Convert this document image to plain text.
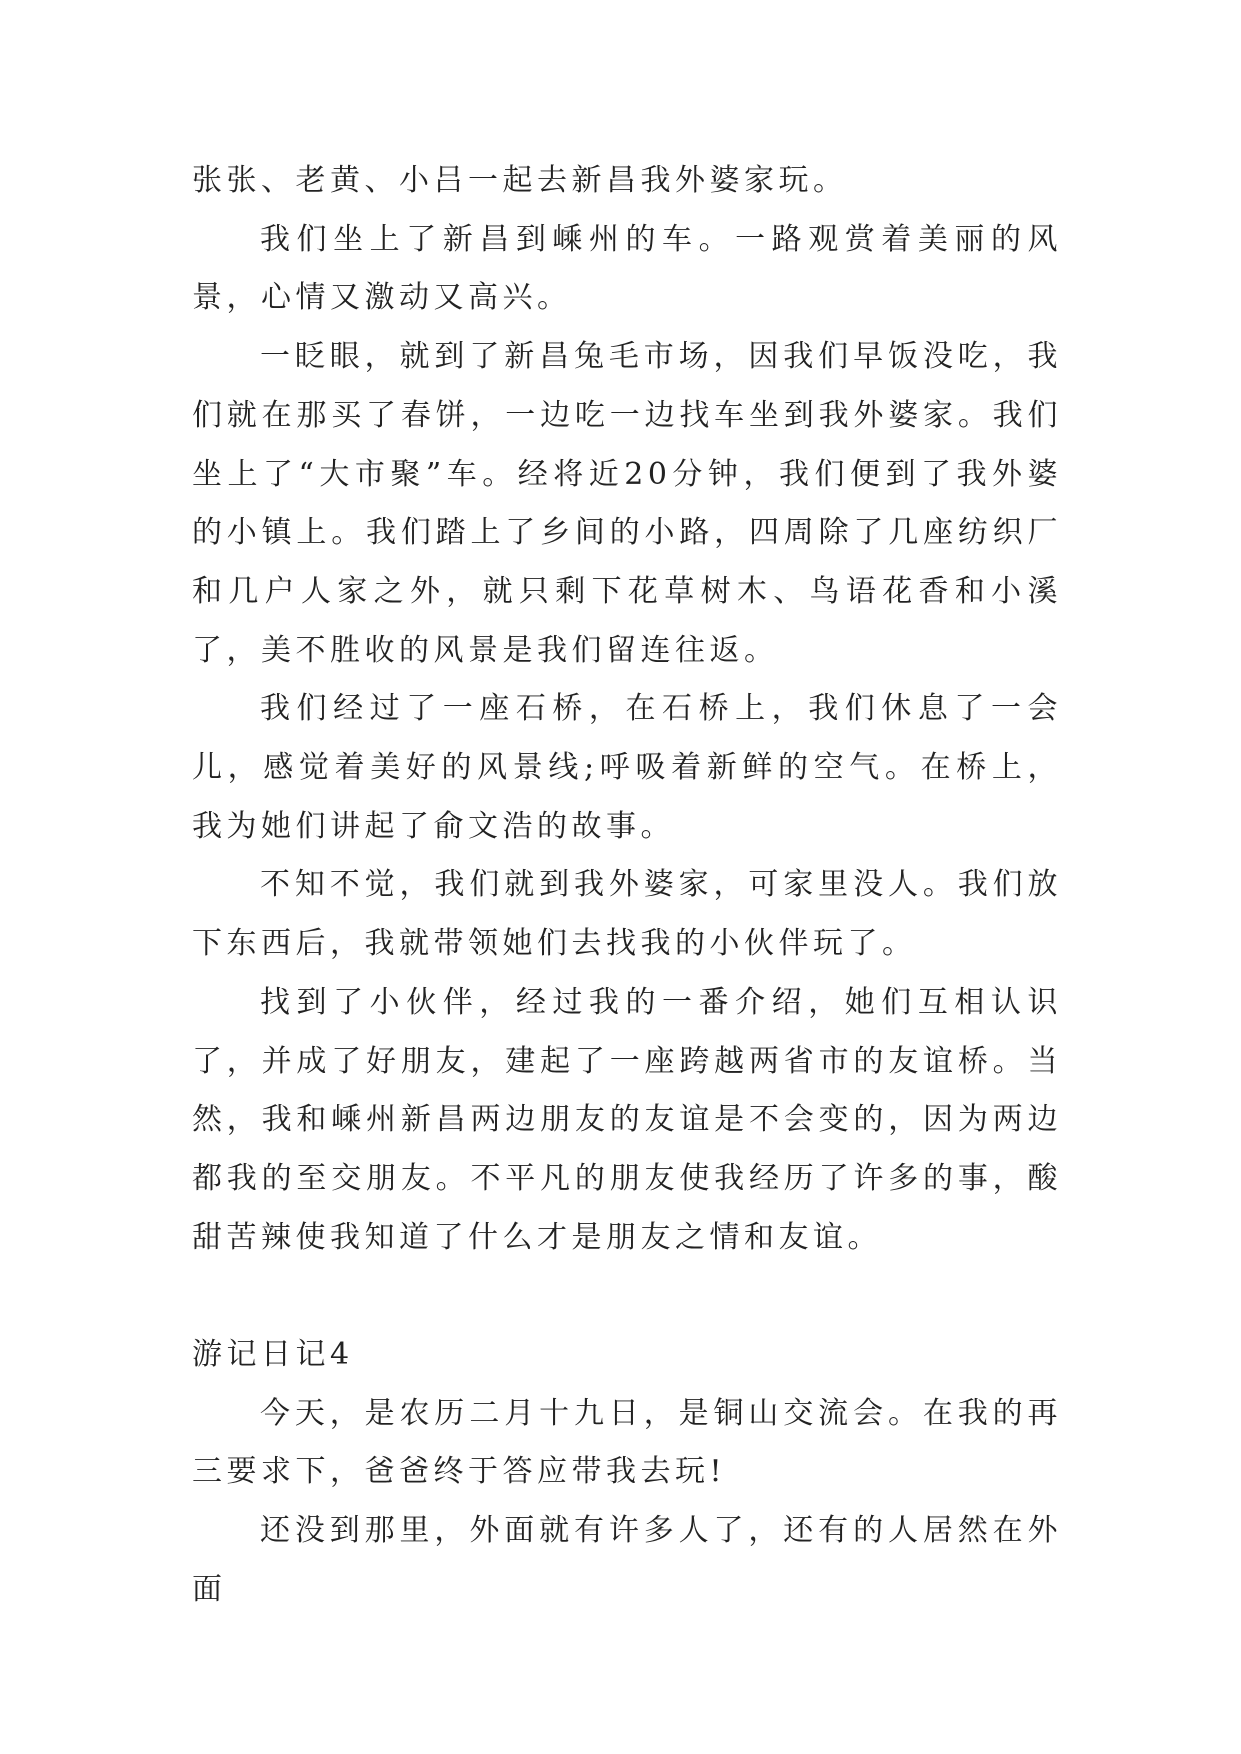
张张、老黄、小吕一起去新昌我外婆家玩。

我们坐上了新昌到嵊州的车。一路观赏着美丽的风景，心情又激动又高兴。

一眨眼，就到了新昌兔毛市场，因我们早饭没吃，我们就在那买了春饼，一边吃一边找车坐到我外婆家。我们坐上了“大市聚”车。经将近20分钟，我们便到了我外婆的小镇上。我们踏上了乡间的小路，四周除了几座纺织厂和几户人家之外，就只剩下花草树木、鸟语花香和小溪了，美不胜收的风景是我们留连往返。

我们经过了一座石桥，在石桥上，我们休息了一会儿，感觉着美好的风景线;呼吸着新鲜的空气。在桥上，我为她们讲起了俞文浩的故事。

不知不觉，我们就到我外婆家，可家里没人。我们放下东西后，我就带领她们去找我的小伙伴玩了。

找到了小伙伴，经过我的一番介绍，她们互相认识了，并成了好朋友，建起了一座跨越两省市的友谊桥。当然，我和嵊州新昌两边朋友的友谊是不会变的，因为两边都我的至交朋友。不平凡的朋友使我经历了许多的事，酸甜苦辣使我知道了什么才是朋友之情和友谊。

游记日记4

今天，是农历二月十九日，是铜山交流会。在我的再三要求下，爸爸终于答应带我去玩!

还没到那里，外面就有许多人了，还有的人居然在外面
